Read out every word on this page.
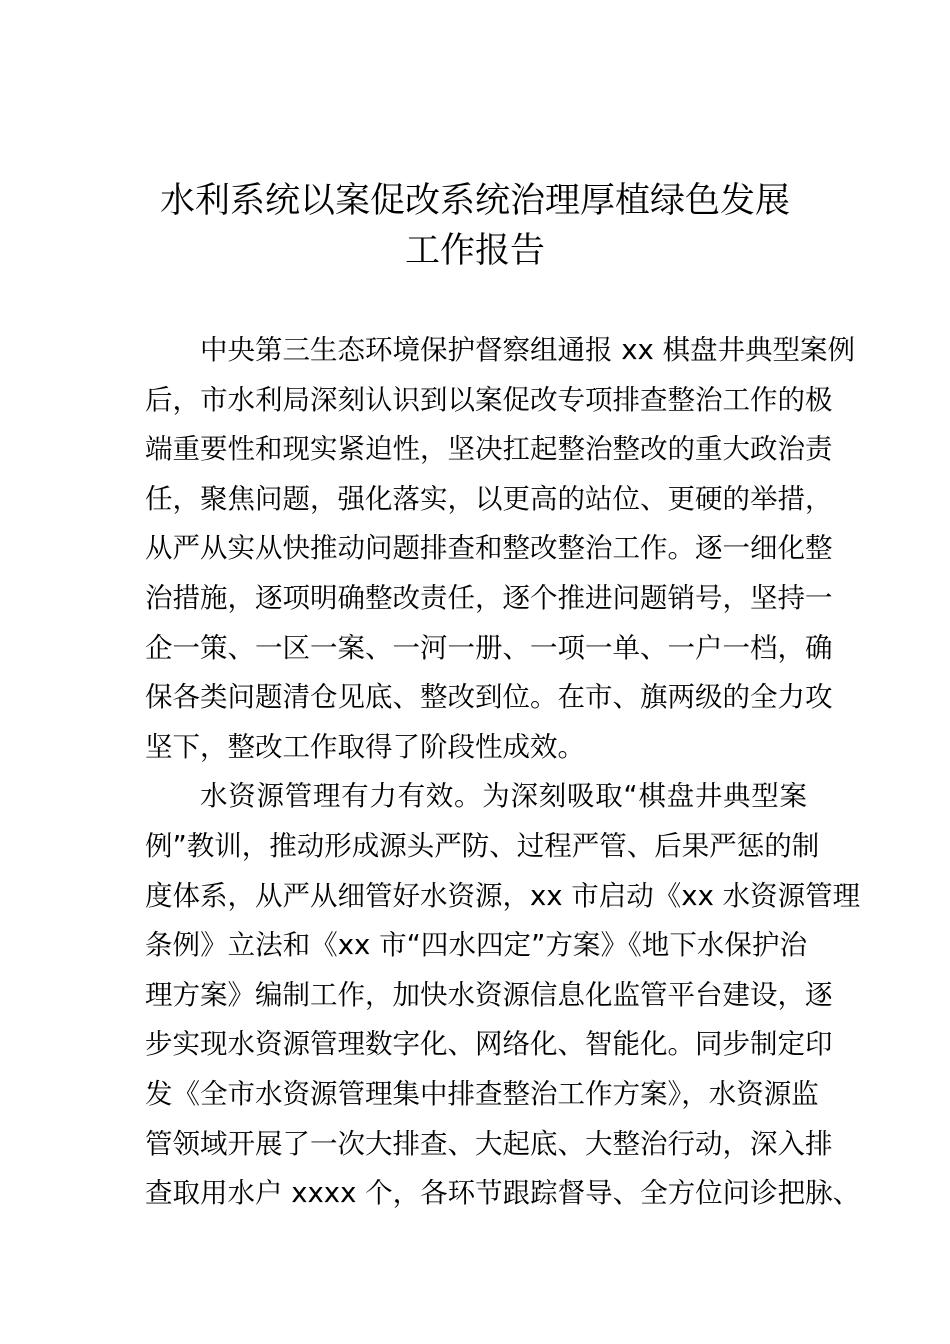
水利系统以案促改系统治理厚植绿色发展
工作报告
中央第三生态环境保护督察组通报 xx 棋盘井典型案例
后，市水利局深刻认识到以案促改专项排查整治工作的极
端重要性和现实紧迫性，坚决扛起整治整改的重大政治责
任，聚焦问题，强化落实，以更高的站位、更硬的举措，
从严从实从快推动问题排查和整改整治工作。逐一细化整
治措施，逐项明确整改责任，逐个推进问题销号，坚持一
企一策、一区一案、一河一册、一项一单、一户一档，确
保各类问题清仓见底、整改到位。在市、旗两级的全力攻
坚下，整改工作取得了阶段性成效。
水资源管理有力有效。为深刻吸取“棋盘井典型案
例”教训，推动形成源头严防、过程严管、后果严惩的制
度体系，从严从细管好水资源，xx 市启动《xx 水资源管理
条例》立法和《xx 市“四水四定”方案》《地下水保护治
理方案》编制工作，加快水资源信息化监管平台建设，逐
步实现水资源管理数字化、网络化、智能化。同步制定印
发《全市水资源管理集中排查整治工作方案》，水资源监
管领域开展了一次大排查、大起底、大整治行动，深入排
查取用水户 xxxx 个，各环节跟踪督导、全方位问诊把脉、
